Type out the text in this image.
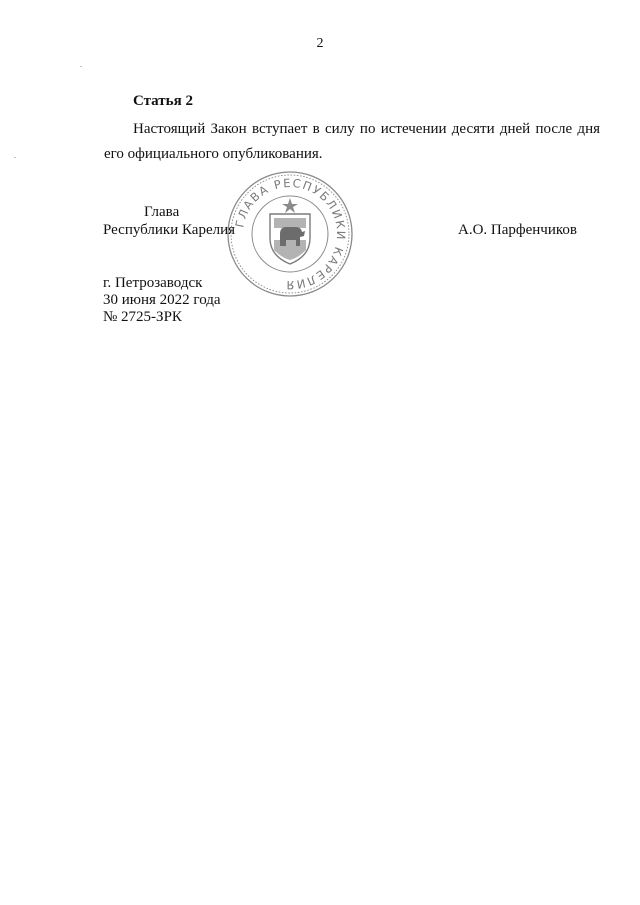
2
Статья 2
Настоящий Закон вступает в силу по истечении десяти дней после дня
его официального опубликования.
ГЛАВА РЕСПУБЛИКИ КАРЕЛИЯ
Глава
Республики Карелия	А.О. Парфенчиков
г. Петрозаводск
30 июня 2022 года
№ 2725-ЗРК
